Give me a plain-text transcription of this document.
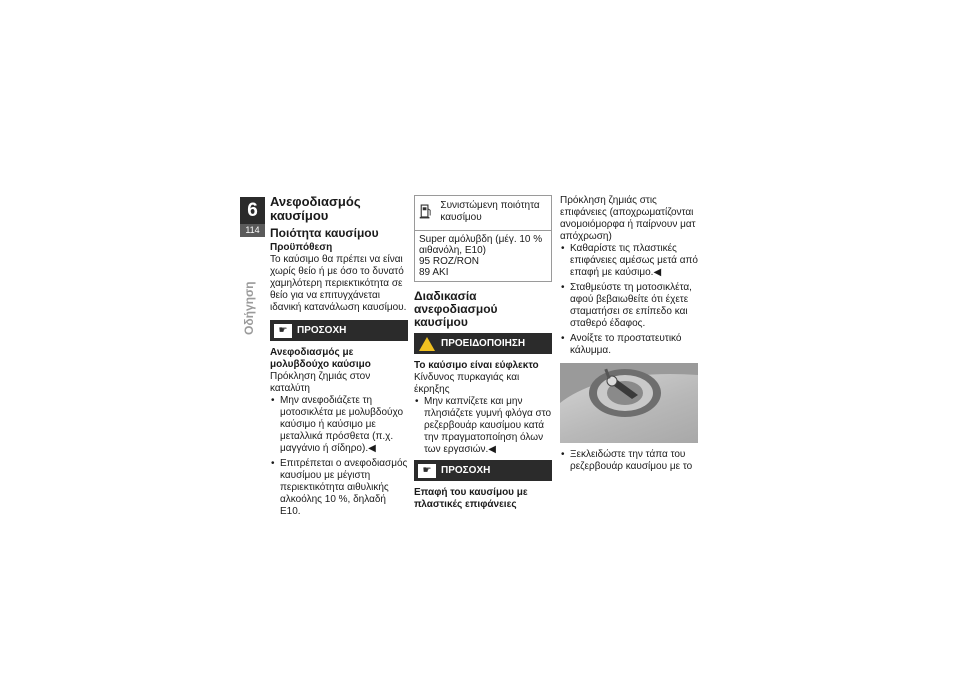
6
114
Οδήγηση
Ανεφοδιασμός καυσίμου
Ποιότητα καυσίμου
Προϋπόθεση

Το καύσιμο θα πρέπει να είναι χωρίς θείο ή με όσο το δυνατό χαμηλότερη περιεκτικότητα σε θείο για να επιτυγχάνεται ιδανική κατανάλωση καυσίμου.

☛ ΠΡΟΣΟΧΗ
Ανεφοδιασμός με μολυβδούχο καύσιμο

Πρόκληση ζημιάς στον καταλύτη

• Μην ανεφοδιάζετε τη μοτοσικλέτα με μολυβδούχο καύσιμο ή καύσιμο με μεταλλικά πρόσθετα (π.χ. μαγγάνιο ή σίδηρο).◀
• Επιτρέπεται ο ανεφοδιασμός καυσίμου με μέγιστη περιεκτικότητα αιθυλικής αλκοόλης 10 %, δηλαδή E10.
Συνιστώμενη ποιότητα καυσίμου
Super αμόλυβδη (μέγ. 10 % αιθανόλη, E10)
95 ROZ/RON
89 AKI
Διαδικασία ανεφοδιασμού καυσίμου
ΠΡΟΕΙΔΟΠΟΙΗΣΗ
Το καύσιμο είναι εύφλεκτο

Κίνδυνος πυρκαγιάς και έκρηξης

• Μην καπνίζετε και μην πλησιάζετε γυμνή φλόγα στο ρεζερβουάρ καυσίμου κατά την πραγματοποίηση όλων των εργασιών.◀
☛ ΠΡΟΣΟΧΗ
Επαφή του καυσίμου με πλαστικές επιφάνειες

Πρόκληση ζημιάς στις επιφάνειες (αποχρωματίζονται ανομοιόμορφα ή παίρνουν ματ απόχρωση)

• Καθαρίστε τις πλαστικές επιφάνειες αμέσως μετά από επαφή με καύσιμο.◀
• Σταθμεύστε τη μοτοσικλέτα, αφού βεβαιωθείτε ότι έχετε σταματήσει σε επίπεδο και σταθερό έδαφος.
• Ανοίξτε το προστατευτικό κάλυμμα.
• Ξεκλειδώστε την τάπα του ρεζερβουάρ καυσίμου με το
